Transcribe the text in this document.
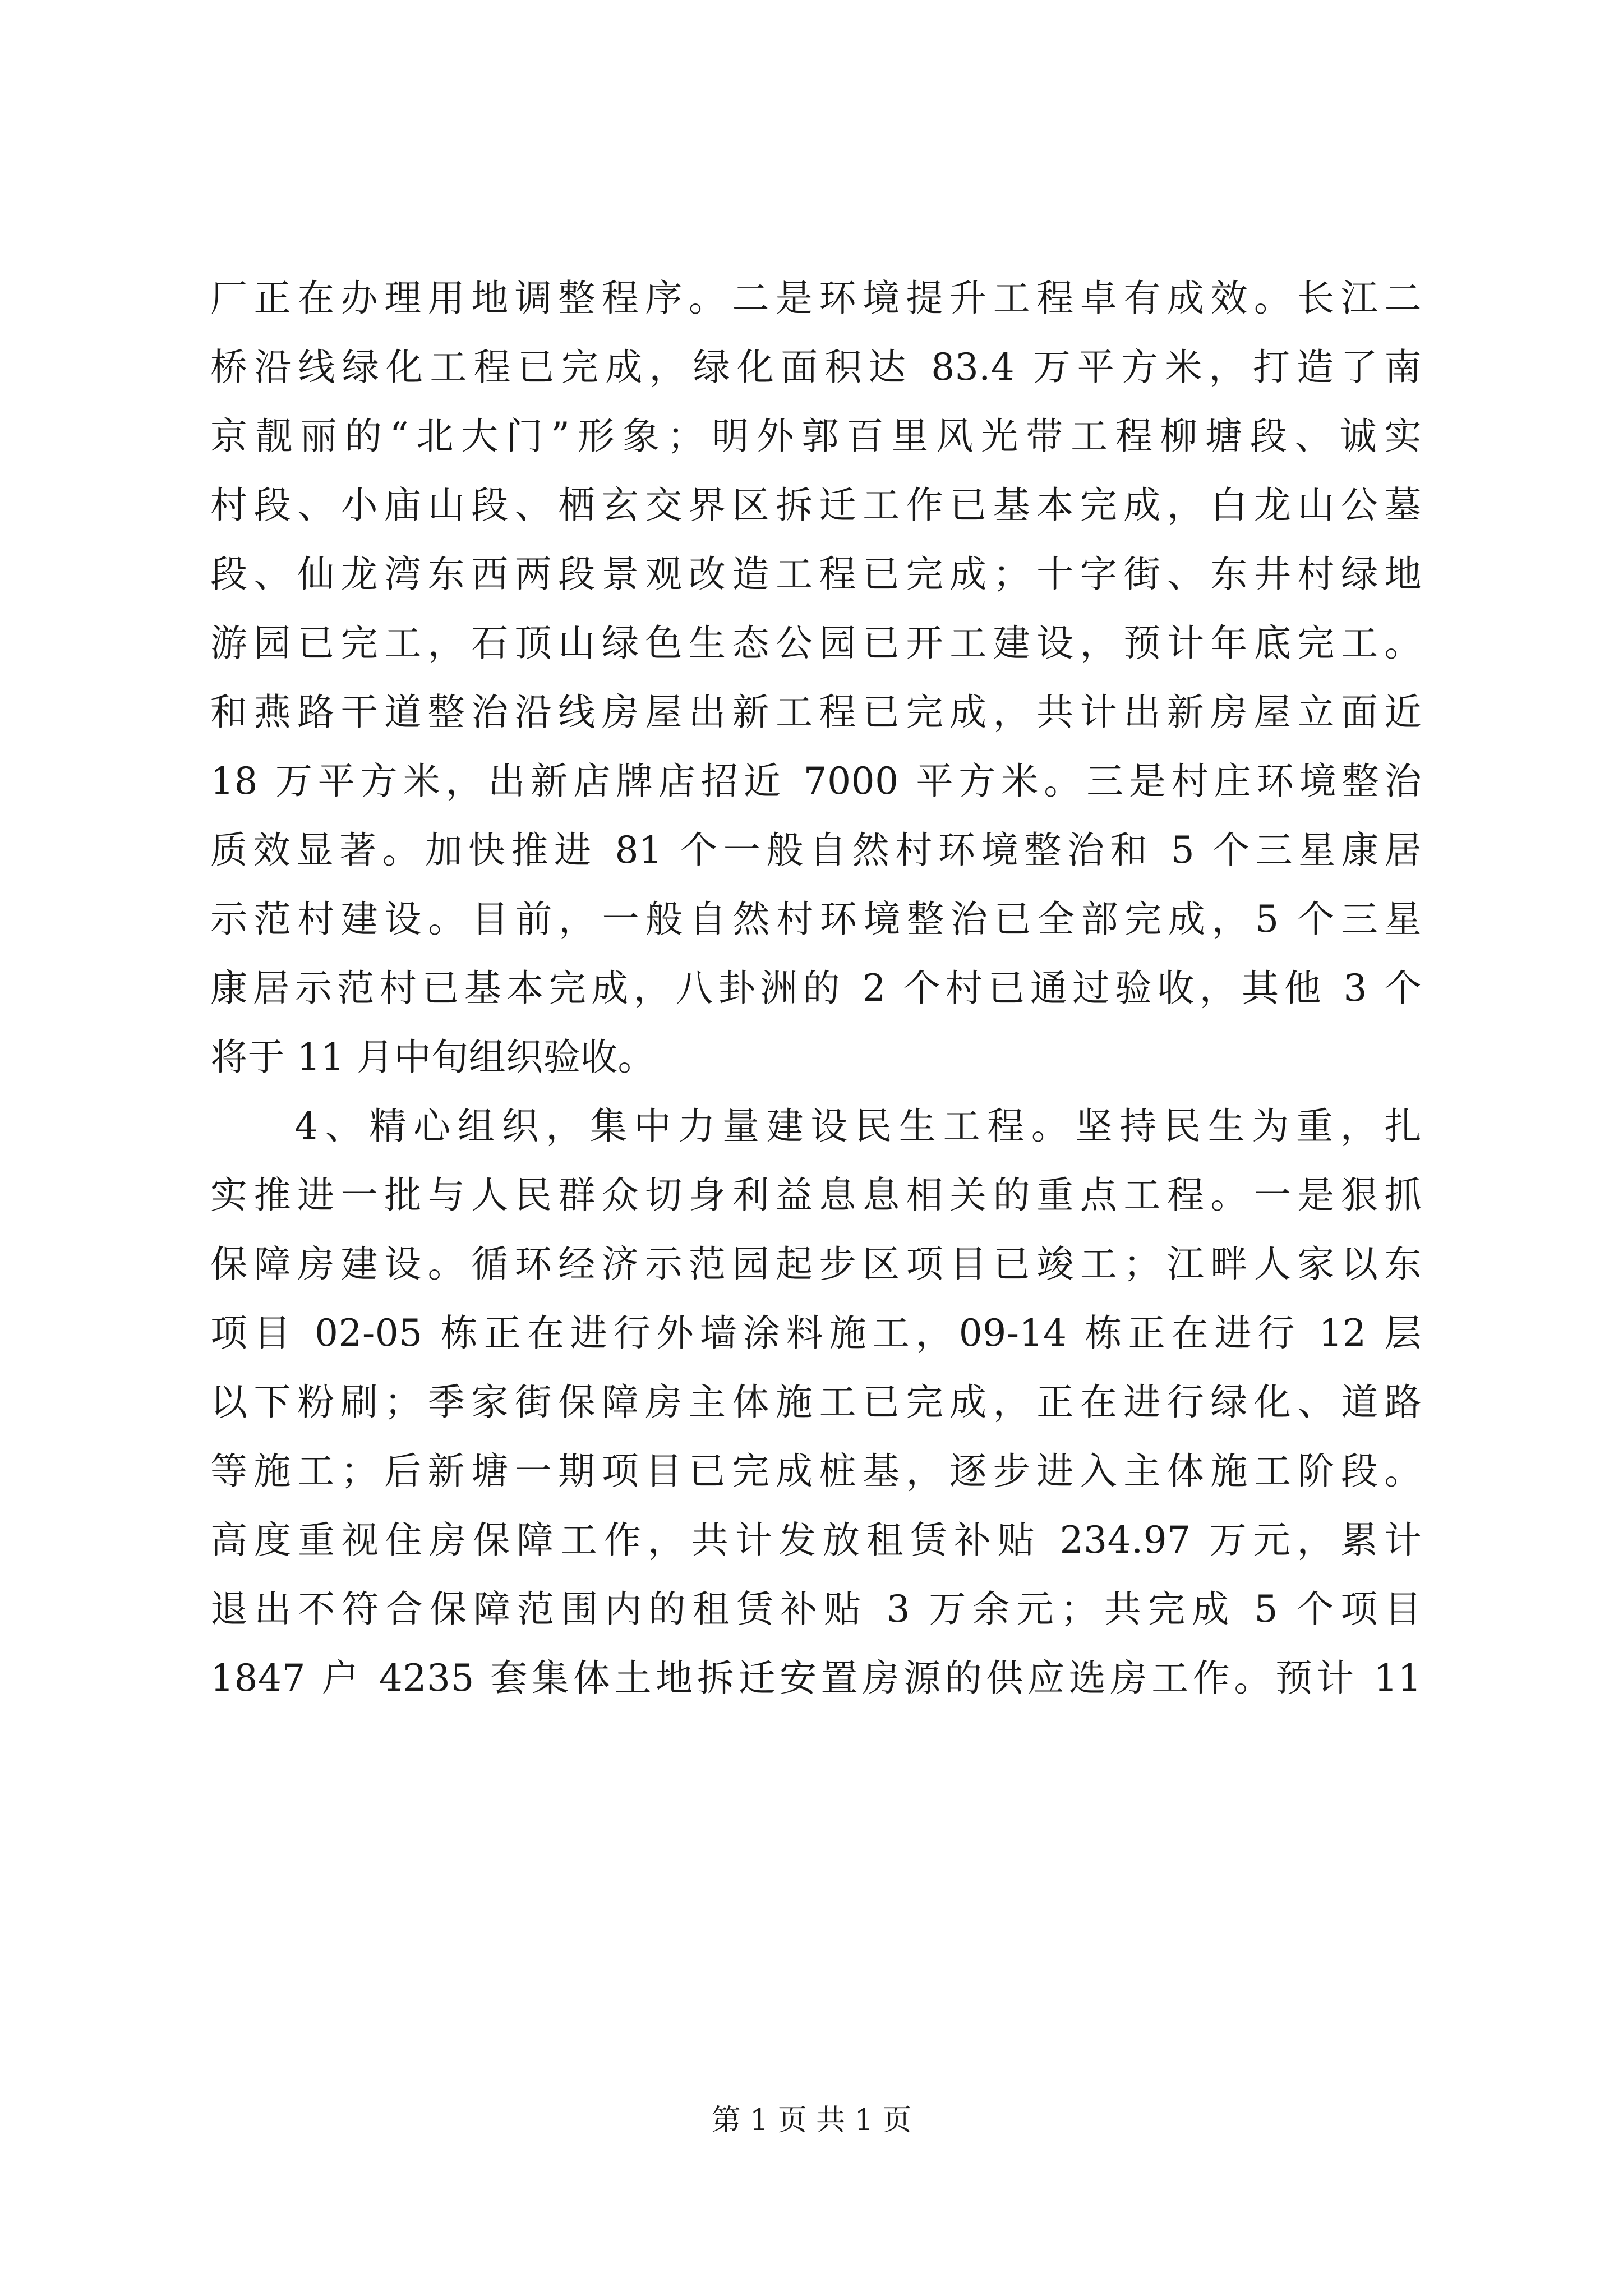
厂正在办理用地调整程序。二是环境提升工程卓有成效。长江二
桥沿线绿化工程已完成，绿化面积达 83.4 万平方米，打造了南
京靓丽的“北大门”形象；明外郭百里风光带工程柳塘段、诚实
村段、小庙山段、栖玄交界区拆迁工作已基本完成，白龙山公墓
段、仙龙湾东西两段景观改造工程已完成；十字街、东井村绿地
游园已完工，石顶山绿色生态公园已开工建设，预计年底完工。
和燕路干道整治沿线房屋出新工程已完成，共计出新房屋立面近
18 万平方米，出新店牌店招近 7000 平方米。三是村庄环境整治
质效显著。加快推进 81 个一般自然村环境整治和 5 个三星康居
示范村建设。目前，一般自然村环境整治已全部完成，5 个三星
康居示范村已基本完成，八卦洲的 2 个村已通过验收，其他 3 个
将于 11 月中旬组织验收。
4、精心组织，集中力量建设民生工程。坚持民生为重，扎
实推进一批与人民群众切身利益息息相关的重点工程。一是狠抓
保障房建设。循环经济示范园起步区项目已竣工；江畔人家以东
项目 02-05 栋正在进行外墙涂料施工，09-14 栋正在进行 12 层
以下粉刷；季家街保障房主体施工已完成，正在进行绿化、道路
等施工；后新塘一期项目已完成桩基，逐步进入主体施工阶段。
高度重视住房保障工作，共计发放租赁补贴 234.97 万元，累计
退出不符合保障范围内的租赁补贴 3 万余元；共完成 5 个项目
1847 户 4235 套集体土地拆迁安置房源的供应选房工作。预计 11
第 1 页 共 1 页
